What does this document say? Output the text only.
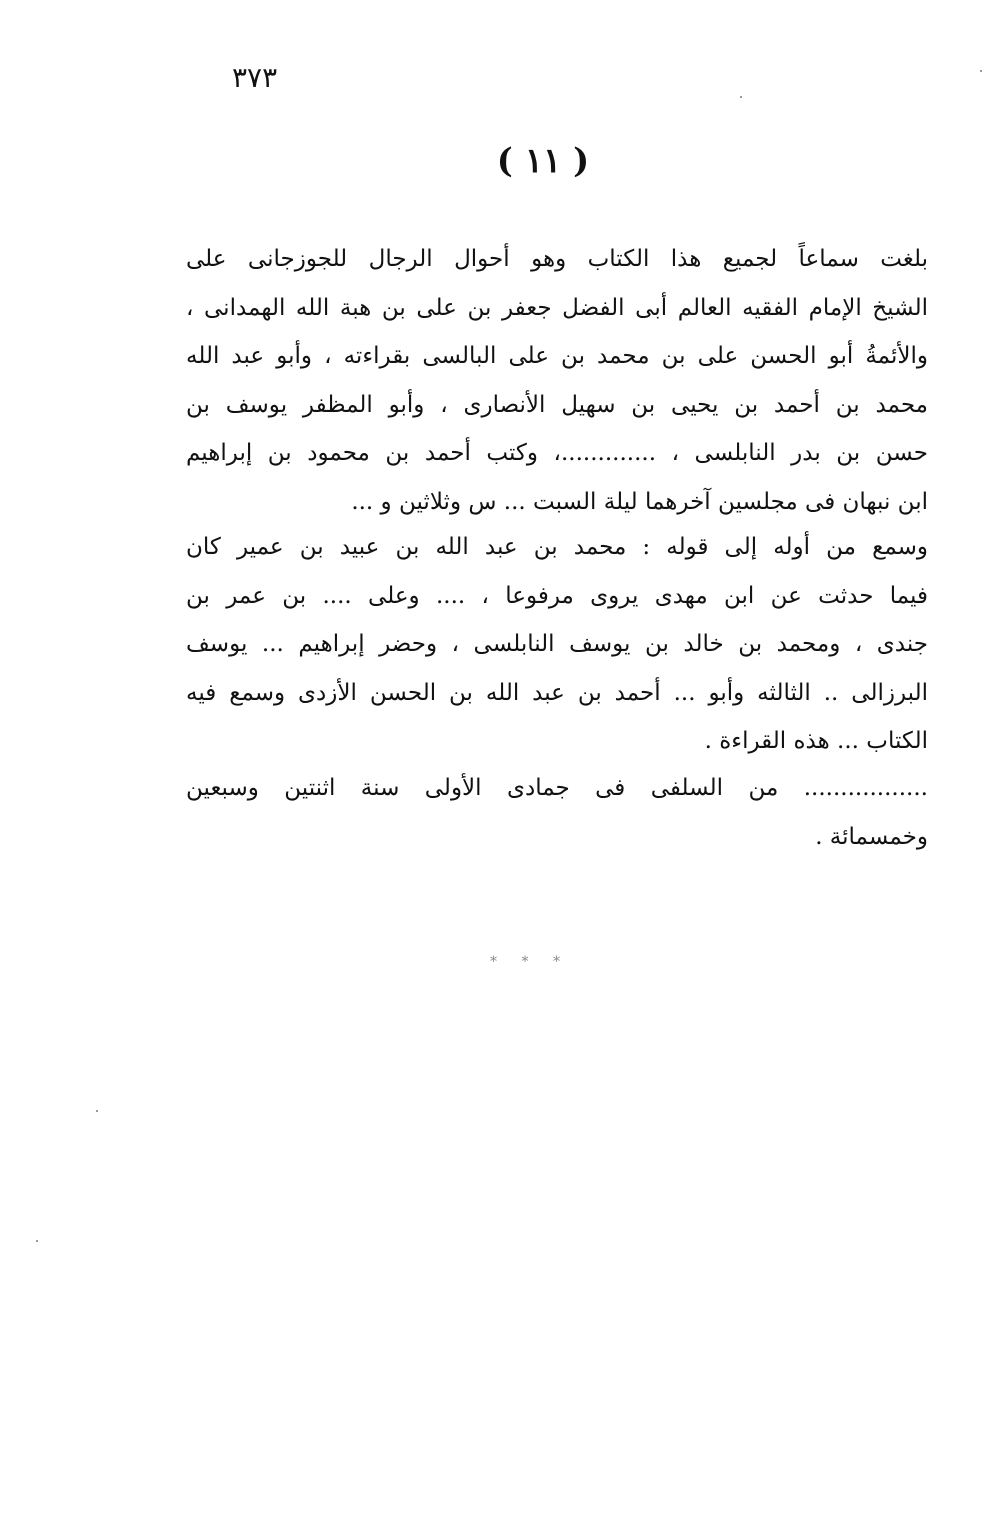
٣٧٣
( ١١ )
بلغت سماعاً لجميع هذا الكتاب وهو أحوال الرجال للجوزجانى على
الشيخ الإمام الفقيه العالم أبى الفضل جعفر بن على بن هبة الله الهمدانى ،
والأئمةُ أبو الحسن على بن محمد بن على البالسى بقراءته ، وأبو عبد الله
محمد بن أحمد بن يحيى بن سهيل الأنصارى ، وأبو المظفر يوسف بن
حسن بن بدر النابلسى ، .............، وكتب أحمد بن محمود بن إبراهيم
ابن نبهان فى مجلسين آخرهما ليلة السبت ... س وثلاثين و ...
وسمع من أوله إلى قوله : محمد بن عبد الله بن عبيد بن عمير كان
فيما حدثت عن ابن مهدى يروى مرفوعا ، .... وعلى .... بن عمر بن
جندى ، ومحمد بن خالد بن يوسف النابلسى ، وحضر إبراهيم ... يوسف
البرزالى .. الثالثه وأبو ... أحمد بن عبد الله بن الحسن الأزدى وسمع فيه
الكتاب ... هذه القراءة .
................. من السلفى فى جمادى الأولى سنة اثنتين وسبعين
وخمسمائة .
* * *
